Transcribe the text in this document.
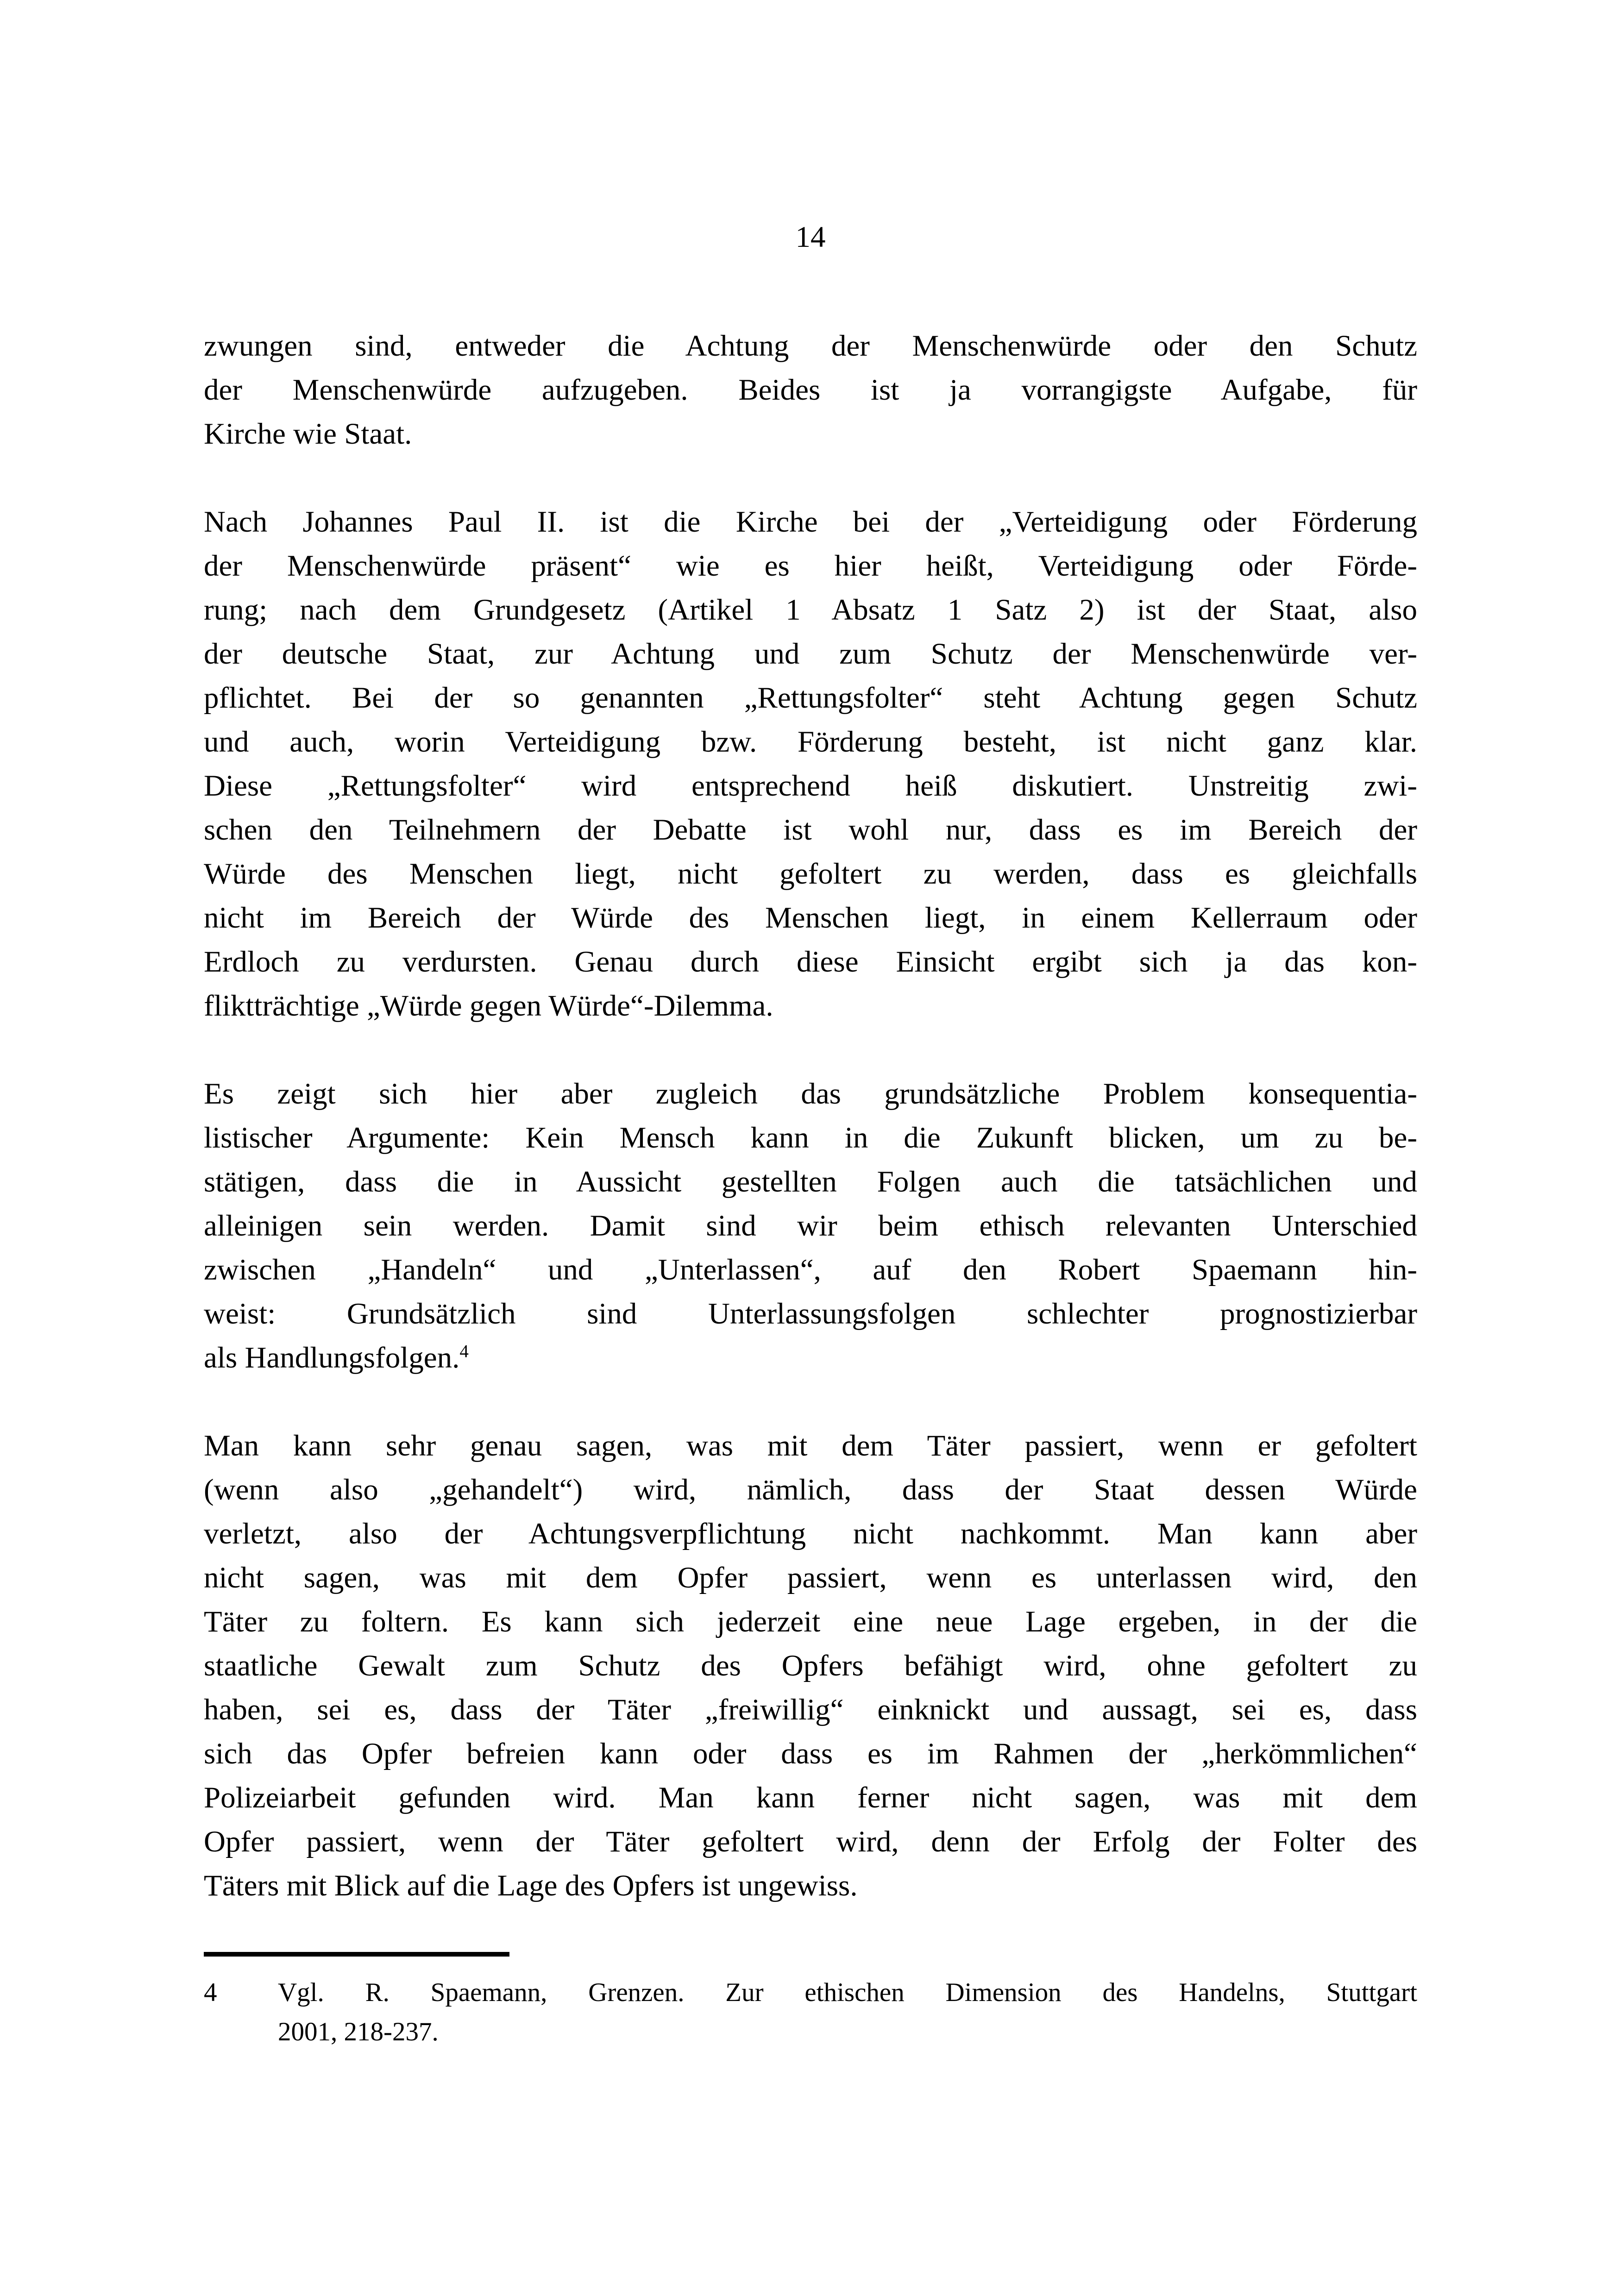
14
zwungen sind, entweder die Achtung der Menschenwürde oder den Schutz
der Menschenwürde aufzugeben. Beides ist ja vorrangigste Aufgabe, für
Kirche wie Staat.
Nach Johannes Paul II. ist die Kirche bei der „Verteidigung oder Förderung
der Menschenwürde präsent“ wie es hier heißt, Verteidigung oder Förde-
rung; nach dem Grundgesetz (Artikel 1 Absatz 1 Satz 2) ist der Staat, also
der deutsche Staat, zur Achtung und zum Schutz der Menschenwürde ver-
pflichtet. Bei der so genannten „Rettungsfolter“ steht Achtung gegen Schutz
und auch, worin Verteidigung bzw. Förderung besteht, ist nicht ganz klar.
Diese „Rettungsfolter“ wird entsprechend heiß diskutiert. Unstreitig zwi-
schen den Teilnehmern der Debatte ist wohl nur, dass es im Bereich der
Würde des Menschen liegt, nicht gefoltert zu werden, dass es gleichfalls
nicht im Bereich der Würde des Menschen liegt, in einem Kellerraum oder
Erdloch zu verdursten. Genau durch diese Einsicht ergibt sich ja das kon-
fliktträchtige „Würde gegen Würde“-Dilemma.
Es zeigt sich hier aber zugleich das grundsätzliche Problem konsequentia-
listischer Argumente: Kein Mensch kann in die Zukunft blicken, um zu be-
stätigen, dass die in Aussicht gestellten Folgen auch die tatsächlichen und
alleinigen sein werden. Damit sind wir beim ethisch relevanten Unterschied
zwischen „Handeln“ und „Unterlassen“, auf den Robert Spaemann hin-
weist: Grundsätzlich sind Unterlassungsfolgen schlechter prognostizierbar
als Handlungsfolgen.$^4$
Man kann sehr genau sagen, was mit dem Täter passiert, wenn er gefoltert
(wenn also „gehandelt“) wird, nämlich, dass der Staat dessen Würde
verletzt, also der Achtungsverpflichtung nicht nachkommt. Man kann aber
nicht sagen, was mit dem Opfer passiert, wenn es unterlassen wird, den
Täter zu foltern. Es kann sich jederzeit eine neue Lage ergeben, in der die
staatliche Gewalt zum Schutz des Opfers befähigt wird, ohne gefoltert zu
haben, sei es, dass der Täter „freiwillig“ einknickt und aussagt, sei es, dass
sich das Opfer befreien kann oder dass es im Rahmen der „herkömmlichen“
Polizeiarbeit gefunden wird. Man kann ferner nicht sagen, was mit dem
Opfer passiert, wenn der Täter gefoltert wird, denn der Erfolg der Folter des
Täters mit Blick auf die Lage des Opfers ist ungewiss.
4 Vgl. R. Spaemann, Grenzen. Zur ethischen Dimension des Handelns, Stuttgart
2001, 218-237.
